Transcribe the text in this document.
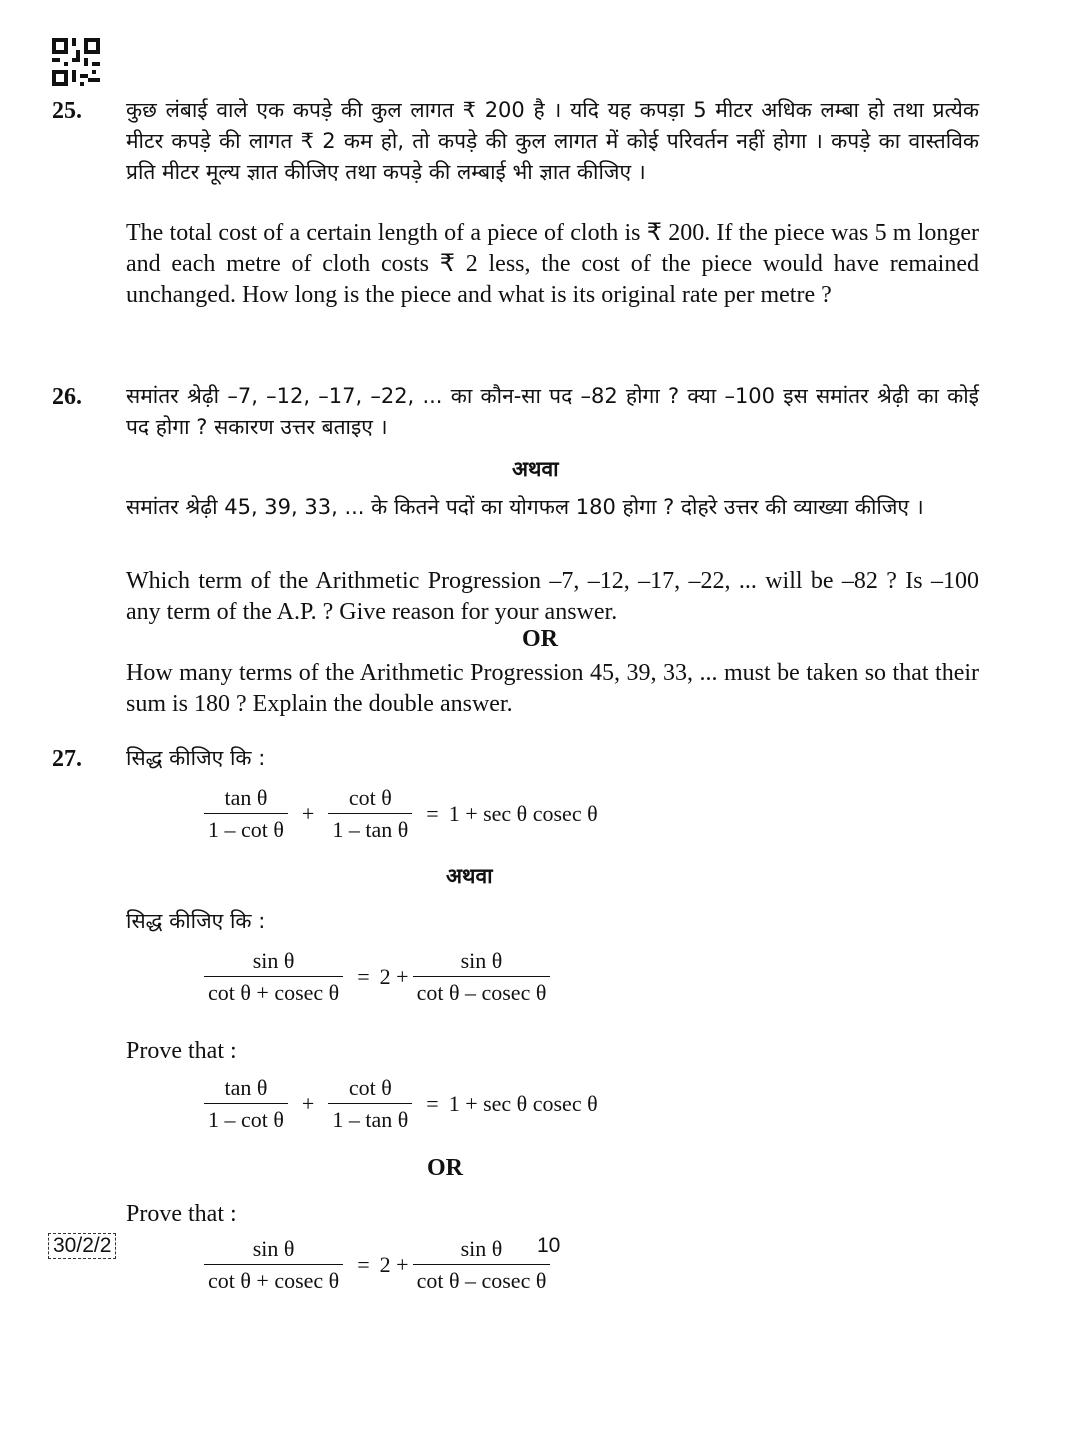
25. कुछ लंबाई वाले एक कपड़े की कुल लागत ₹ 200 है । यदि यह कपड़ा 5 मीटर अधिक लम्बा हो तथा प्रत्येक मीटर कपड़े की लागत ₹ 2 कम हो, तो कपड़े की कुल लागत में कोई परिवर्तन नहीं होगा । कपड़े का वास्तविक प्रति मीटर मूल्य ज्ञात कीजिए तथा कपड़े की लम्बाई भी ज्ञात कीजिए ।
The total cost of a certain length of a piece of cloth is ₹ 200. If the piece was 5 m longer and each metre of cloth costs ₹ 2 less, the cost of the piece would have remained unchanged. How long is the piece and what is its original rate per metre ?
26. समांतर श्रेढ़ी –7, –12, –17, –22, ... का कौन-सा पद –82 होगा ? क्या –100 इस समांतर श्रेढ़ी का कोई पद होगा ? सकारण उत्तर बताइए ।
अथवा
समांतर श्रेढ़ी 45, 39, 33, ... के कितने पदों का योगफल 180 होगा ? दोहरे उत्तर की व्याख्या कीजिए ।
Which term of the Arithmetic Progression –7, –12, –17, –22, ... will be –82 ? Is –100 any term of the A.P. ? Give reason for your answer.
OR
How many terms of the Arithmetic Progression 45, 39, 33, ... must be taken so that their sum is 180 ? Explain the double answer.
27. सिद्ध कीजिए कि :
$\frac{\text{tan θ}}{\text{1 – cot θ}} + \frac{\text{cot θ}}{\text{1 – tan θ}} = 1 + \sec \theta$ cosec θ
अथवा
सिद्ध कीजिए कि :
$\frac{\text{sin θ}}{\text{cot θ + cosec θ}} = 2 + \frac{\text{sin θ}}{\text{cot θ – cosec θ}}$
Prove that :
$\frac{\text{tan θ}}{\text{1 – cot θ}} + \frac{\text{cot θ}}{\text{1 – tan θ}} = 1 + \sec \theta$ cosec θ
OR
Prove that :
$\frac{\text{sin θ}}{\text{cot θ + cosec θ}} = 2 + \frac{\text{sin θ}}{\text{cot θ – cosec θ}}$
30/2/2	10
